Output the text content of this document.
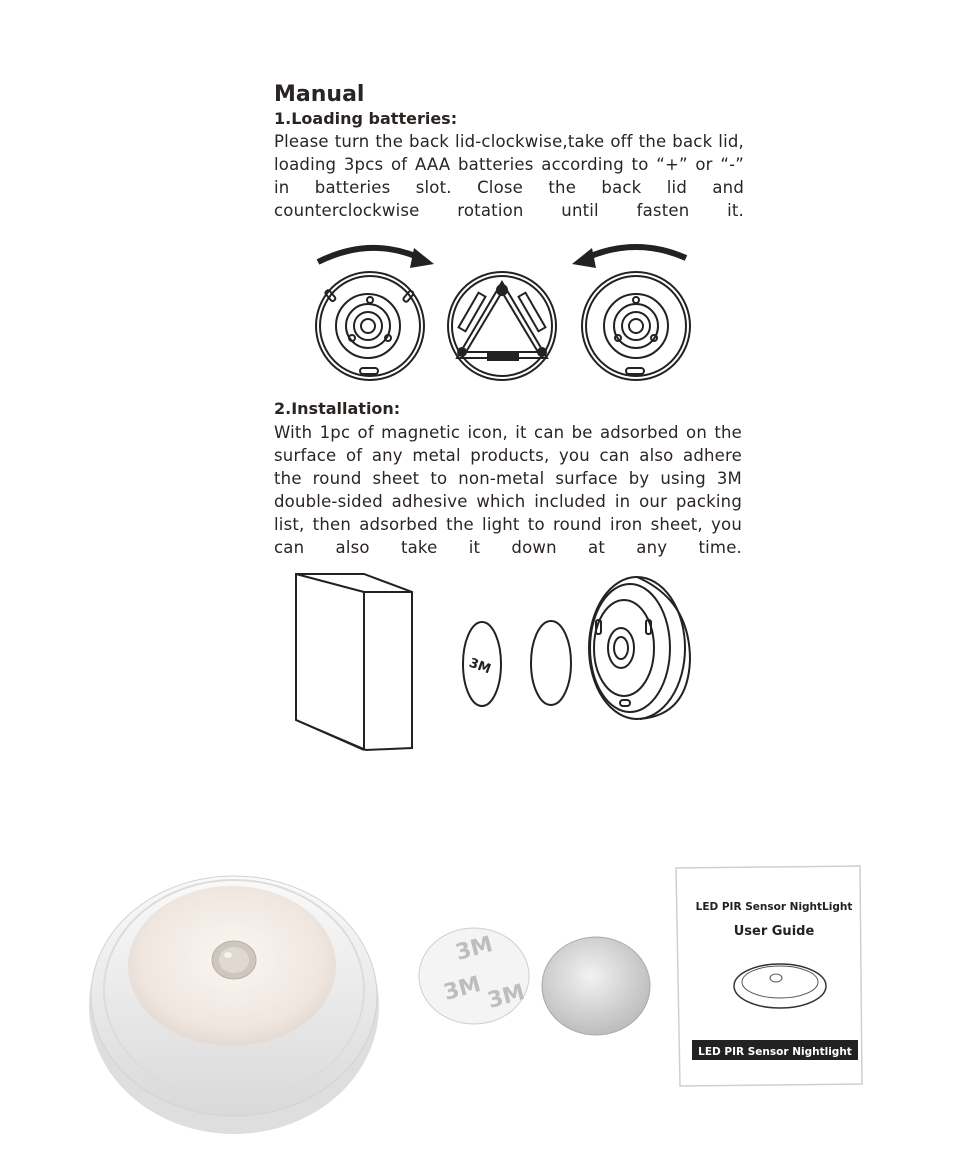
Manual

1.Loading batteries:

Please turn the back lid-clockwise,take off the back lid, loading 3pcs of AAA batteries according to “+” or “-” in batteries slot. Close the back lid and counterclockwise rotation until fasten it.

2.Installation:

With 1pc of magnetic icon, it can be adsorbed on the surface of any metal products, you can also adhere the round sheet to non-metal surface by using 3M double-sided adhesive which included in our packing list, then adsorbed the light to round iron sheet, you can also take it down at any time.

3M
3M
3M 3M
LED PIR Sensor NightLight
User Guide
LED PIR Sensor Nightlight
